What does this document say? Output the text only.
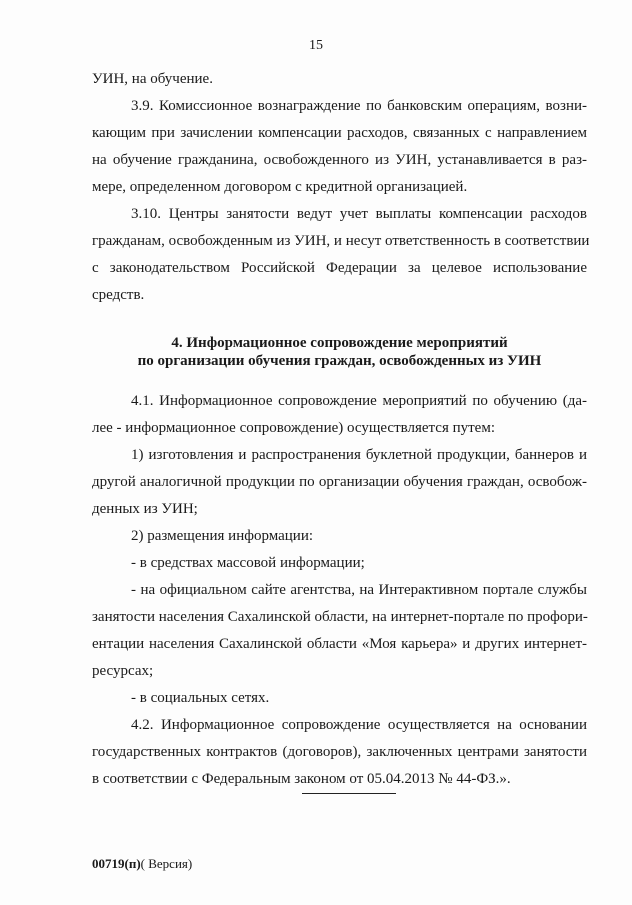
15
УИН, на обучение.
3.9. Комиссионное вознаграждение по банковским операциям, возни-
кающим при зачислении компенсации расходов, связанных с направлением
на обучение гражданина, освобожденного из УИН, устанавливается в раз-
мере, определенном договором с кредитной организацией.
3.10. Центры занятости ведут учет выплаты компенсации расходов
гражданам, освобожденным из УИН, и несут ответственность в соответствии
с законодательством Российской Федерации за целевое использование
средств.
4. Информационное сопровождение мероприятий
по организации обучения граждан, освобожденных из УИН
4.1. Информационное сопровождение мероприятий по обучению (да-
лее - информационное сопровождение) осуществляется путем:
1) изготовления и распространения буклетной продукции, баннеров и
другой аналогичной продукции по организации обучения граждан, освобож-
денных из УИН;
2) размещения информации:
- в средствах массовой информации;
- на официальном сайте агентства, на Интерактивном портале службы
занятости населения Сахалинской области, на интернет-портале по профори-
ентации населения Сахалинской области «Моя карьера» и других интернет-
ресурсах;
- в социальных сетях.
4.2. Информационное сопровождение осуществляется на основании
государственных контрактов (договоров), заключенных центрами занятости
в соответствии с Федеральным законом от 05.04.2013 № 44-ФЗ.».
00719(п)( Версия)
